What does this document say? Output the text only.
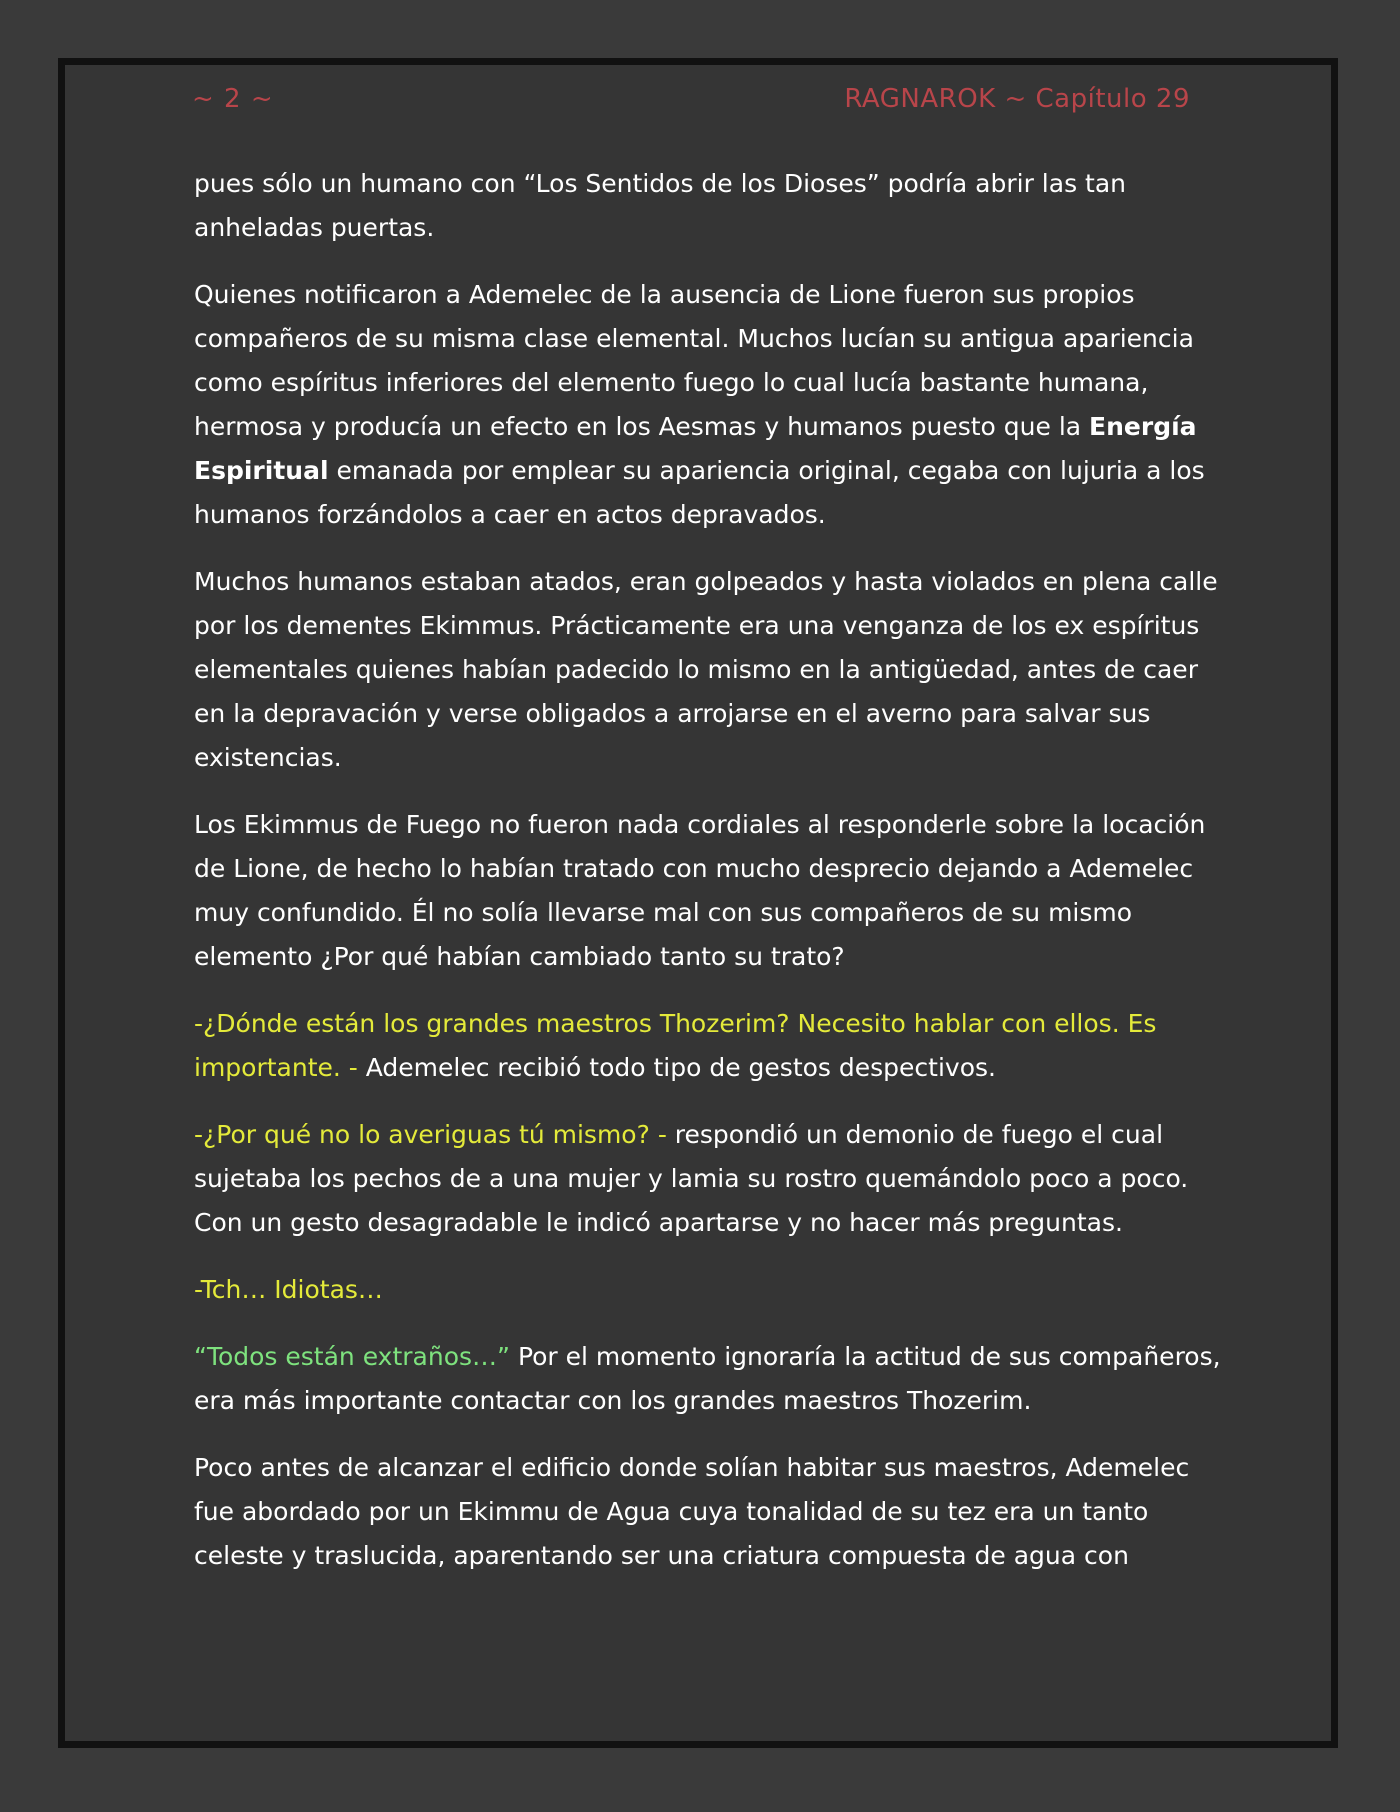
~ 2 ~	RAGNAROK ~ Capítulo 29

pues sólo un humano con “Los Sentidos de los Dioses” podría abrir las tan anheladas puertas.

Quienes notificaron a Ademelec de la ausencia de Lione fueron sus propios compañeros de su misma clase elemental. Muchos lucían su antigua apariencia como espíritus inferiores del elemento fuego lo cual lucía bastante humana, hermosa y producía un efecto en los Aesmas y humanos puesto que la Energía Espiritual emanada por emplear su apariencia original, cegaba con lujuria a los humanos forzándolos a caer en actos depravados.

Muchos humanos estaban atados, eran golpeados y hasta violados en plena calle por los dementes Ekimmus. Prácticamente era una venganza de los ex espíritus elementales quienes habían padecido lo mismo en la antigüedad, antes de caer en la depravación y verse obligados a arrojarse en el averno para salvar sus existencias.

Los Ekimmus de Fuego no fueron nada cordiales al responderle sobre la locación de Lione, de hecho lo habían tratado con mucho desprecio dejando a Ademelec muy confundido. Él no solía llevarse mal con sus compañeros de su mismo elemento ¿Por qué habían cambiado tanto su trato?

-¿Dónde están los grandes maestros Thozerim? Necesito hablar con ellos. Es importante. - Ademelec recibió todo tipo de gestos despectivos.

-¿Por qué no lo averiguas tú mismo? - respondió un demonio de fuego el cual sujetaba los pechos de a una mujer y lamia su rostro quemándolo poco a poco. Con un gesto desagradable le indicó apartarse y no hacer más preguntas.

-Tch… Idiotas…

“Todos están extraños…” Por el momento ignoraría la actitud de sus compañeros, era más importante contactar con los grandes maestros Thozerim.

Poco antes de alcanzar el edificio donde solían habitar sus maestros, Ademelec fue abordado por un Ekimmu de Agua cuya tonalidad de su tez era un tanto celeste y traslucida, aparentando ser una criatura compuesta de agua con
